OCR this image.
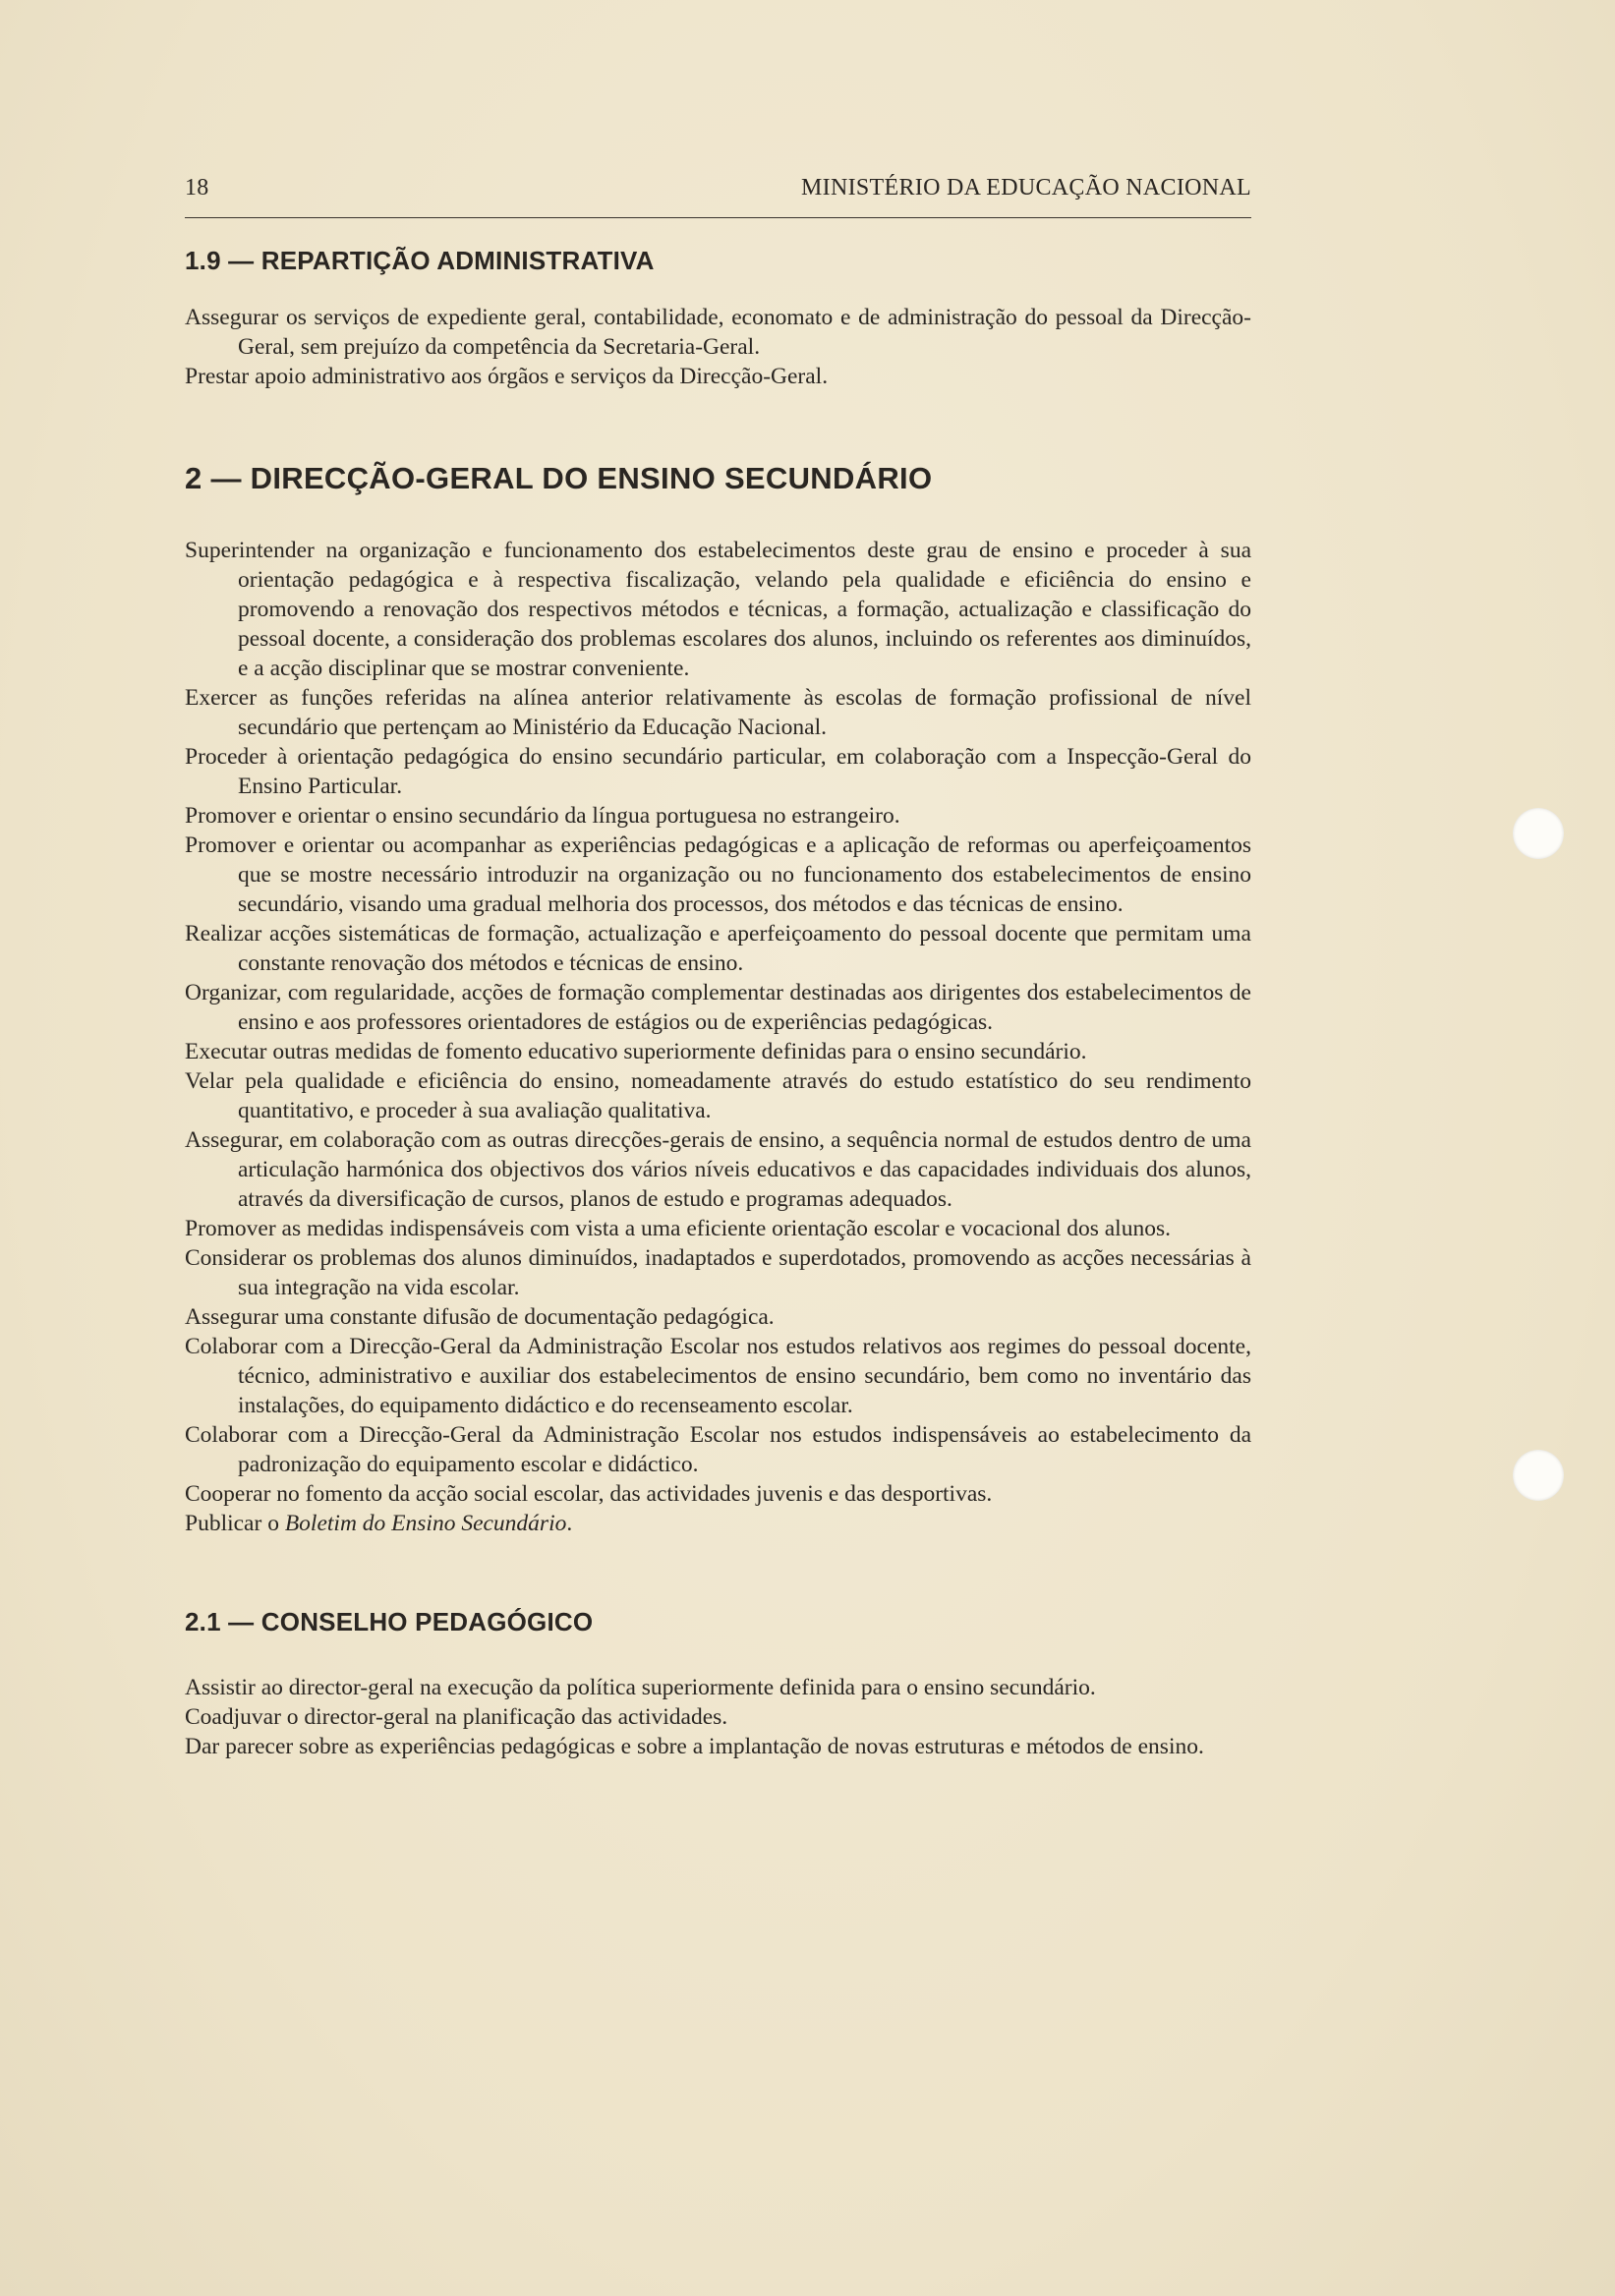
18	MINISTÉRIO DA EDUCAÇÃO NACIONAL
1.9 — REPARTIÇÃO ADMINISTRATIVA

Assegurar os serviços de expediente geral, contabilidade, economato e de administração do pessoal da Direcção-Geral, sem prejuízo da competência da Secretaria-Geral.

Prestar apoio administrativo aos órgãos e serviços da Direcção-Geral.

2 — DIRECÇÃO-GERAL DO ENSINO SECUNDÁRIO

Superintender na organização e funcionamento dos estabelecimentos deste grau de ensino e proceder à sua orientação pedagógica e à respectiva fiscalização, velando pela qualidade e eficiência do ensino e promovendo a renovação dos respectivos métodos e técnicas, a formação, actualização e classificação do pessoal docente, a consideração dos problemas escolares dos alunos, incluindo os referentes aos diminuídos, e a acção disciplinar que se mostrar conveniente.

Exercer as funções referidas na alínea anterior relativamente às escolas de formação profissional de nível secundário que pertençam ao Ministério da Educação Nacional.

Proceder à orientação pedagógica do ensino secundário particular, em colaboração com a Inspecção-Geral do Ensino Particular.

Promover e orientar o ensino secundário da língua portuguesa no estrangeiro.

Promover e orientar ou acompanhar as experiências pedagógicas e a aplicação de reformas ou aperfeiçoamentos que se mostre necessário introduzir na organização ou no funcionamento dos estabelecimentos de ensino secundário, visando uma gradual melhoria dos processos, dos métodos e das técnicas de ensino.

Realizar acções sistemáticas de formação, actualização e aperfeiçoamento do pessoal docente que permitam uma constante renovação dos métodos e técnicas de ensino.

Organizar, com regularidade, acções de formação complementar destinadas aos dirigentes dos estabelecimentos de ensino e aos professores orientadores de estágios ou de experiências pedagógicas.

Executar outras medidas de fomento educativo superiormente definidas para o ensino secundário.

Velar pela qualidade e eficiência do ensino, nomeadamente através do estudo estatístico do seu rendimento quantitativo, e proceder à sua avaliação qualitativa.

Assegurar, em colaboração com as outras direcções-gerais de ensino, a sequência normal de estudos dentro de uma articulação harmónica dos objectivos dos vários níveis educativos e das capacidades individuais dos alunos, através da diversificação de cursos, planos de estudo e programas adequados.

Promover as medidas indispensáveis com vista a uma eficiente orientação escolar e vocacional dos alunos.

Considerar os problemas dos alunos diminuídos, inadaptados e superdotados, promovendo as acções necessárias à sua integração na vida escolar.

Assegurar uma constante difusão de documentação pedagógica.

Colaborar com a Direcção-Geral da Administração Escolar nos estudos relativos aos regimes do pessoal docente, técnico, administrativo e auxiliar dos estabelecimentos de ensino secundário, bem como no inventário das instalações, do equipamento didáctico e do recenseamento escolar.

Colaborar com a Direcção-Geral da Administração Escolar nos estudos indispensáveis ao estabelecimento da padronização do equipamento escolar e didáctico.

Cooperar no fomento da acção social escolar, das actividades juvenis e das desportivas.

Publicar o Boletim do Ensino Secundário.

2.1 — CONSELHO PEDAGÓGICO

Assistir ao director-geral na execução da política superiormente definida para o ensino secundário.

Coadjuvar o director-geral na planificação das actividades.

Dar parecer sobre as experiências pedagógicas e sobre a implantação de novas estruturas e métodos de ensino.
